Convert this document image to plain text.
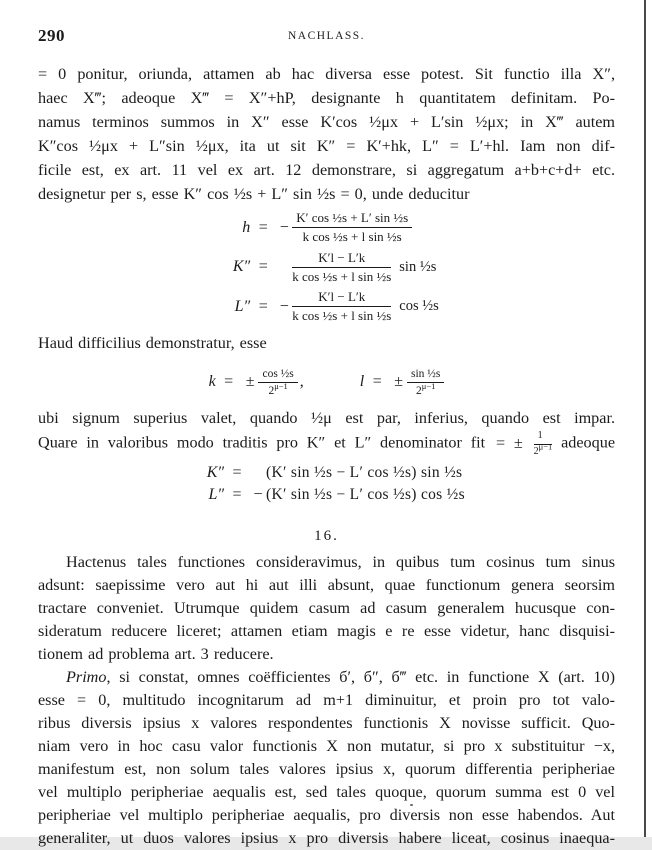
290	NACHLASS.
= 0 ponitur, oriunda, attamen ab hac diversa esse potest. Sit functio illa X″,
haec X‴; adeoque X‴ = X″+hP, designante h quantitatem definitam. Po-
namus terminos summos in X″ esse K′cos ½μx + L′sin ½μx; in X‴ autem
K″cos ½μx + L″sin ½μx, ita ut sit K″ = K′+hk, L″ = L′+hl. Iam non dif-
ficile est, ex art. 11 vel ex art. 12 demonstrare, si aggregatum a+b+c+d+ etc.
designetur per s, esse K″ cos ½s + L″ sin ½s = 0, unde deducitur
h = − $\frac{\text{K′ cos ½s + L′ sin ½s}}{\text{k cos ½s + l sin ½s}}$
K″ =	$\frac{K'l - L'k}{\text{k cos ½s + l sin ½s}}$ sin ½s
L″ = − $\frac{K'l - L'k}{\text{k cos ½s + l sin ½s}}$ cos ½s
Haud difficilius demonstratur, esse
k = ± $\frac{\text{cos ½s}}{2^{\mu-1}}$ ,	l = ± $\frac{\text{sin ½s}}{2^{\mu-1}}$
ubi signum superius valet, quando ½μ est par, inferius, quando est impar.
Quare in valoribus modo traditis pro K″ et L″ denominator fit = ± $\frac{1}{2^{\mu-1}}$ adeoque
K″ =	(K′ sin ½s − L′ cos ½s) sin ½s
L″ = − (K′ sin ½s − L′ cos ½s) cos ½s
16.
Hactenus tales functiones consideravimus, in quibus tum cosinus tum sinus
adsunt: saepissime vero aut hi aut illi absunt, quae functionum genera seorsim
tractare conveniet. Utrumque quidem casum ad casum generalem hucusque con-
sideratum reducere liceret; attamen etiam magis e re esse videtur, hanc disquisi-
tionem ad problema art. 3 reducere.
Primo, si constat, omnes coëfficientes б′, б″, б‴ etc. in functione X (art. 10)
esse = 0, multitudo incognitarum ad m+1 diminuitur, et proin pro tot valo-
ribus diversis ipsius x valores respondentes functionis X novisse sufficit. Quo-
niam vero in hoc casu valor functionis X non mutatur, si pro x substituitur −x,
manifestum est, non solum tales valores ipsius x, quorum differentia peripheriae
vel multiplo peripheriae aequalis est, sed tales quoque, quorum summa est 0 vel
peripheriae vel multiplo peripheriae aequalis, pro diversis non esse habendos. Aut
generaliter, ut duos valores ipsius x pro diversis habere liceat, cosinus inaequa-
